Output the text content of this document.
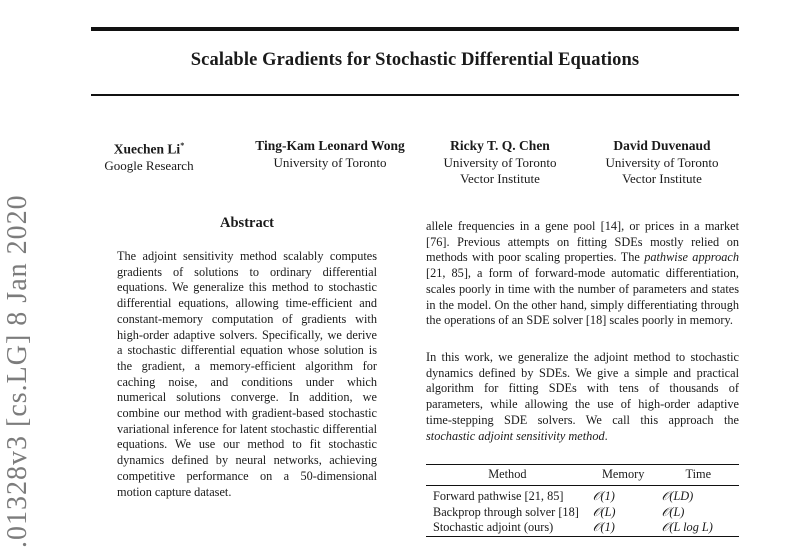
Scalable Gradients for Stochastic Differential Equations
Xuechen Li*
Google Research
Ting-Kam Leonard Wong
University of Toronto
Ricky T. Q. Chen
University of Toronto
Vector Institute
David Duvenaud
University of Toronto
Vector Institute
.01328v3 [cs.LG] 8 Jan 2020	Abstract
The adjoint sensitivity method scalably computes gradients of solutions to ordinary differential equations. We generalize this method to stochastic differential equations, allowing time-efficient and constant-memory computation of gradients with high-order adaptive solvers. Specifically, we derive a stochastic differential equation whose solution is the gradient, a memory-efficient algorithm for caching noise, and conditions under which numerical solutions converge. In addition, we combine our method with gradient-based stochastic variational inference for latent stochastic differential equations. We use our method to fit stochastic dynamics defined by neural networks, achieving competitive performance on a 50-dimensional motion capture dataset.
allele frequencies in a gene pool [14], or prices in a market [76]. Previous attempts on fitting SDEs mostly relied on methods with poor scaling properties. The pathwise approach [21, 85], a form of forward-mode automatic differentiation, scales poorly in time with the number of parameters and states in the model. On the other hand, simply differentiating through the operations of an SDE solver [18] scales poorly in memory.
In this work, we generalize the adjoint method to stochastic dynamics defined by SDEs. We give a simple and practical algorithm for fitting SDEs with tens of thousands of parameters, while allowing the use of high-order adaptive time-stepping SDE solvers. We call this approach the stochastic adjoint sensitivity method.
Method	Memory	Time
Forward pathwise [21, 85]	𝒪(1)	𝒪(LD)
Backprop through solver [18]	𝒪(L)	𝒪(L)
Stochastic adjoint (ours)	𝒪(1)	𝒪(L log L)
